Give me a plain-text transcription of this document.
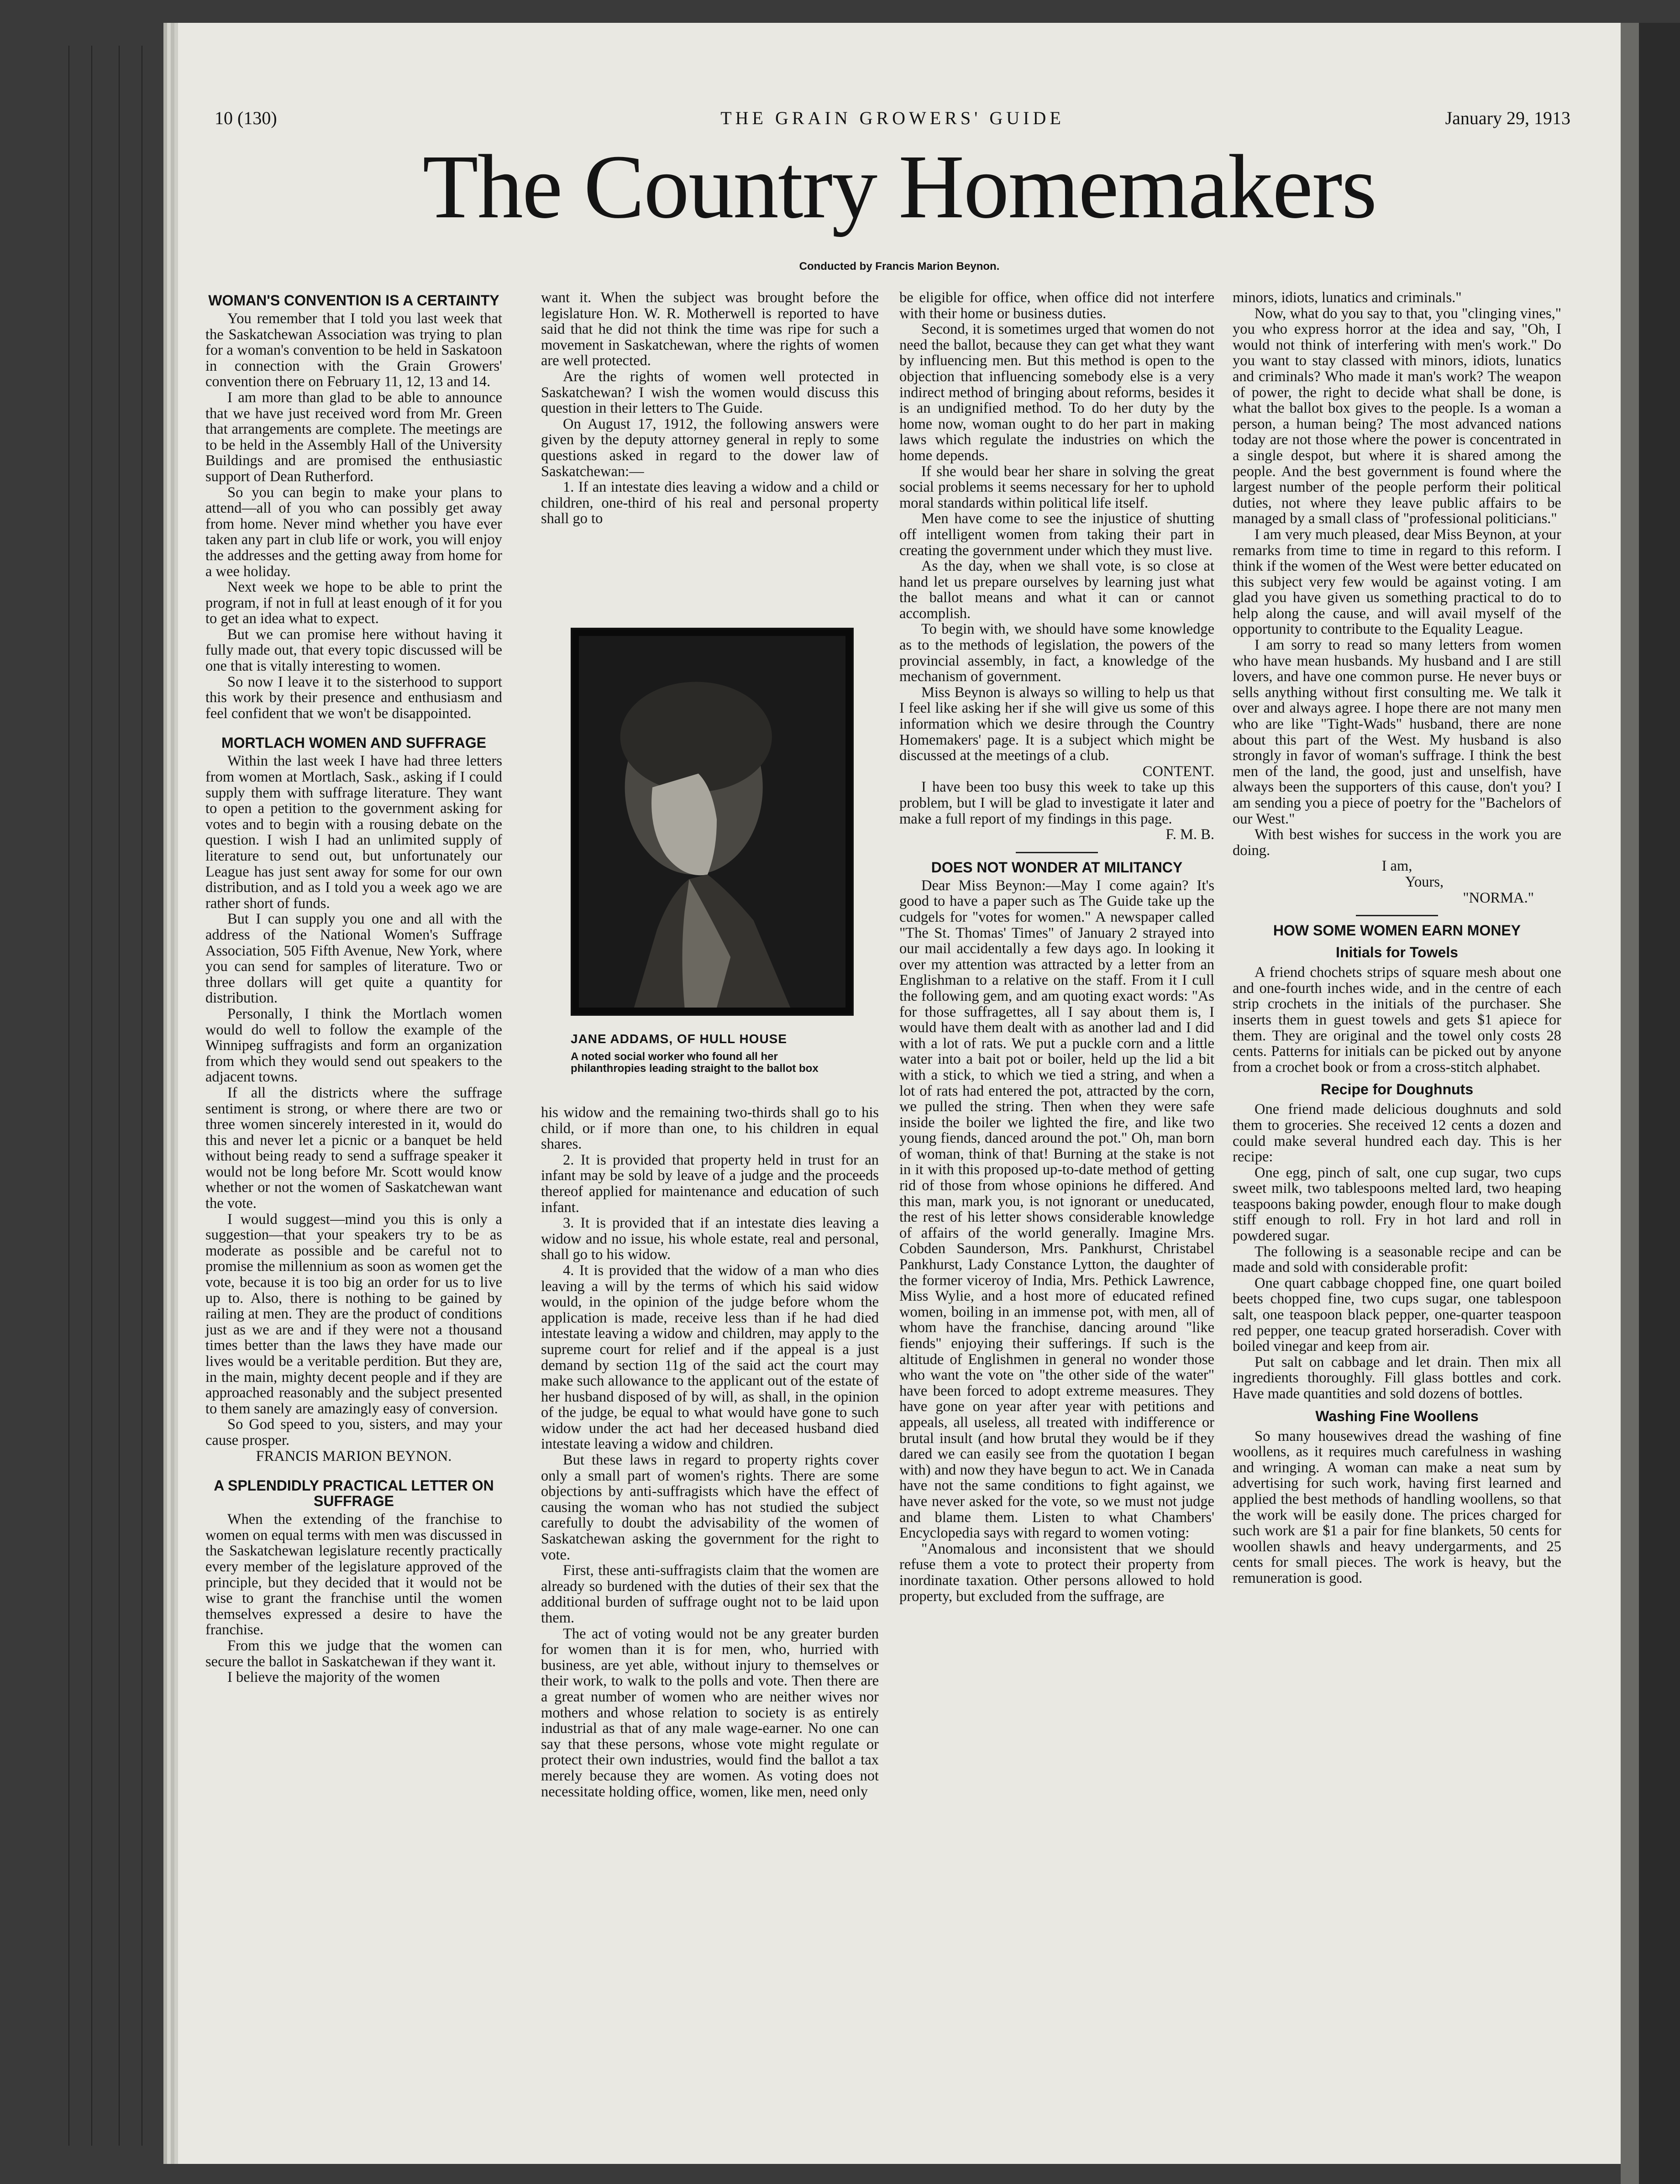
10 (130)	THE GRAIN GROWERS' GUIDE	January 29, 1913
The Country Homemakers
Conducted by Francis Marion Beynon.
WOMAN'S CONVENTION IS A CERTAINTY

You remember that I told you last week that the Saskatchewan Association was trying to plan for a woman's convention to be held in Saskatoon in connection with the Grain Growers' convention there on February 11, 12, 13 and 14.

I am more than glad to be able to announce that we have just received word from Mr. Green that arrangements are complete. The meetings are to be held in the Assembly Hall of the University Buildings and are promised the enthusiastic support of Dean Rutherford.

So you can begin to make your plans to attend—all of you who can possibly get away from home. Never mind whether you have ever taken any part in club life or work, you will enjoy the addresses and the getting away from home for a wee holiday.

Next week we hope to be able to print the program, if not in full at least enough of it for you to get an idea what to expect.

But we can promise here without having it fully made out, that every topic discussed will be one that is vitally interesting to women.

So now I leave it to the sisterhood to support this work by their presence and enthusiasm and feel confident that we won't be disappointed.

MORTLACH WOMEN AND SUFFRAGE

Within the last week I have had three letters from women at Mortlach, Sask., asking if I could supply them with suffrage literature. They want to open a petition to the government asking for votes and to begin with a rousing debate on the question. I wish I had an unlimited supply of literature to send out, but unfortunately our League has just sent away for some for our own distribution, and as I told you a week ago we are rather short of funds.

But I can supply you one and all with the address of the National Women's Suffrage Association, 505 Fifth Avenue, New York, where you can send for samples of literature. Two or three dollars will get quite a quantity for distribution.

Personally, I think the Mortlach women would do well to follow the example of the Winnipeg suffragists and form an organization from which they would send out speakers to the adjacent towns.

If all the districts where the suffrage sentiment is strong, or where there are two or three women sincerely interested in it, would do this and never let a picnic or a banquet be held without being ready to send a suffrage speaker it would not be long before Mr. Scott would know whether or not the women of Saskatchewan want the vote.

I would suggest—mind you this is only a suggestion—that your speakers try to be as moderate as possible and be careful not to promise the millennium as soon as women get the vote, because it is too big an order for us to live up to. Also, there is nothing to be gained by railing at men. They are the product of conditions just as we are and if they were not a thousand times better than the laws they have made our lives would be a veritable perdition. But they are, in the main, mighty decent people and if they are approached reasonably and the subject presented to them sanely are amazingly easy of conversion.

So God speed to you, sisters, and may your cause prosper.

FRANCIS MARION BEYNON.

A SPLENDIDLY PRACTICAL LETTER ON SUFFRAGE

When the extending of the franchise to women on equal terms with men was discussed in the Saskatchewan legislature recently practically every member of the legislature approved of the principle, but they decided that it would not be wise to grant the franchise until the women themselves expressed a desire to have the franchise.

From this we judge that the women can secure the ballot in Saskatchewan if they want it.

I believe the majority of the women

want it. When the subject was brought before the legislature Hon. W. R. Motherwell is reported to have said that he did not think the time was ripe for such a movement in Saskatchewan, where the rights of women are well protected.

Are the rights of women well protected in Saskatchewan? I wish the women would discuss this question in their letters to The Guide.

On August 17, 1912, the following answers were given by the deputy attorney general in reply to some questions asked in regard to the dower law of Saskatchewan:—

1. If an intestate dies leaving a widow and a child or children, one-third of his real and personal property shall go to

JANE ADDAMS, OF HULL HOUSE
A noted social worker who found all her philanthropies leading straight to the ballot box

his widow and the remaining two-thirds shall go to his child, or if more than one, to his children in equal shares.

2. It is provided that property held in trust for an infant may be sold by leave of a judge and the proceeds thereof applied for maintenance and education of such infant.

3. It is provided that if an intestate dies leaving a widow and no issue, his whole estate, real and personal, shall go to his widow.

4. It is provided that the widow of a man who dies leaving a will by the terms of which his said widow would, in the opinion of the judge before whom the application is made, receive less than if he had died intestate leaving a widow and children, may apply to the supreme court for relief and if the appeal is a just demand by section 11g of the said act the court may make such allowance to the applicant out of the estate of her husband disposed of by will, as shall, in the opinion of the judge, be equal to what would have gone to such widow under the act had her deceased husband died intestate leaving a widow and children.

But these laws in regard to property rights cover only a small part of women's rights. There are some objections by anti-suffragists which have the effect of causing the woman who has not studied the subject carefully to doubt the advisability of the women of Saskatchewan asking the government for the right to vote.

First, these anti-suffragists claim that the women are already so burdened with the duties of their sex that the additional burden of suffrage ought not to be laid upon them.

The act of voting would not be any greater burden for women than it is for men, who, hurried with business, are yet able, without injury to themselves or their work, to walk to the polls and vote. Then there are a great number of women who are neither wives nor mothers and whose relation to society is as entirely industrial as that of any male wage-earner. No one can say that these persons, whose vote might regulate or protect their own industries, would find the ballot a tax merely because they are women. As voting does not necessitate holding office, women, like men, need only

be eligible for office, when office did not interfere with their home or business duties.

Second, it is sometimes urged that women do not need the ballot, because they can get what they want by influencing men. But this method is open to the objection that influencing somebody else is a very indirect method of bringing about reforms, besides it is an undignified method. To do her duty by the home now, woman ought to do her part in making laws which regulate the industries on which the home depends.

If she would bear her share in solving the great social problems it seems necessary for her to uphold moral standards within political life itself.

Men have come to see the injustice of shutting off intelligent women from taking their part in creating the government under which they must live.

As the day, when we shall vote, is so close at hand let us prepare ourselves by learning just what the ballot means and what it can or cannot accomplish.

To begin with, we should have some knowledge as to the methods of legislation, the powers of the provincial assembly, in fact, a knowledge of the mechanism of government.

Miss Beynon is always so willing to help us that I feel like asking her if she will give us some of this information which we desire through the Country Homemakers' page. It is a subject which might be discussed at the meetings of a club.

CONTENT.

I have been too busy this week to take up this problem, but I will be glad to investigate it later and make a full report of my findings in this page.

F. M. B.

DOES NOT WONDER AT MILITANCY

Dear Miss Beynon:—May I come again? It's good to have a paper such as The Guide take up the cudgels for "votes for women." A newspaper called "The St. Thomas' Times" of January 2 strayed into our mail accidentally a few days ago. In looking it over my attention was attracted by a letter from an Englishman to a relative on the staff. From it I cull the following gem, and am quoting exact words: "As for those suffragettes, all I say about them is, I would have them dealt with as another lad and I did with a lot of rats. We put a puckle corn and a little water into a bait pot or boiler, held up the lid a bit with a stick, to which we tied a string, and when a lot of rats had entered the pot, attracted by the corn, we pulled the string. Then when they were safe inside the boiler we lighted the fire, and like two young fiends, danced around the pot." Oh, man born of woman, think of that! Burning at the stake is not in it with this proposed up-to-date method of getting rid of those from whose opinions he differed. And this man, mark you, is not ignorant or uneducated, the rest of his letter shows considerable knowledge of affairs of the world generally. Imagine Mrs. Cobden Saunderson, Mrs. Pankhurst, Christabel Pankhurst, Lady Constance Lytton, the daughter of the former viceroy of India, Mrs. Pethick Lawrence, Miss Wylie, and a host more of educated refined women, boiling in an immense pot, with men, all of whom have the franchise, dancing around "like fiends" enjoying their sufferings. If such is the altitude of Englishmen in general no wonder those who want the vote on "the other side of the water" have been forced to adopt extreme measures. They have gone on year after year with petitions and appeals, all useless, all treated with indifference or brutal insult (and how brutal they would be if they dared we can easily see from the quotation I began with) and now they have begun to act. We in Canada have not the same conditions to fight against, we have never asked for the vote, so we must not judge and blame them. Listen to what Chambers' Encyclopedia says with regard to women voting:

"Anomalous and inconsistent that we should refuse them a vote to protect their property from inordinate taxation. Other persons allowed to hold property, but excluded from the suffrage, are

minors, idiots, lunatics and criminals."

Now, what do you say to that, you "clinging vines," you who express horror at the idea and say, "Oh, I would not think of interfering with men's work." Do you want to stay classed with minors, idiots, lunatics and criminals? Who made it man's work? The weapon of power, the right to decide what shall be done, is what the ballot box gives to the people. Is a woman a person, a human being? The most advanced nations today are not those where the power is concentrated in a single despot, but where it is shared among the people. And the best government is found where the largest number of the people perform their political duties, not where they leave public affairs to be managed by a small class of "professional politicians."

I am very much pleased, dear Miss Beynon, at your remarks from time to time in regard to this reform. I think if the women of the West were better educated on this subject very few would be against voting. I am glad you have given us something practical to do to help along the cause, and will avail myself of the opportunity to contribute to the Equality League.

I am sorry to read so many letters from women who have mean husbands. My husband and I are still lovers, and have one common purse. He never buys or sells anything without first consulting me. We talk it over and always agree. I hope there are not many men who are like "Tight-Wads" husband, there are none about this part of the West. My husband is also strongly in favor of woman's suffrage. I think the best men of the land, the good, just and unselfish, have always been the supporters of this cause, don't you? I am sending you a piece of poetry for the "Bachelors of our West."

With best wishes for success in the work you are doing.

I am,

Yours,

"NORMA."

HOW SOME WOMEN EARN MONEY
Initials for Towels

A friend chochets strips of square mesh about one and one-fourth inches wide, and in the centre of each strip crochets in the initials of the purchaser. She inserts them in guest towels and gets $1 apiece for them. They are original and the towel only costs 28 cents. Patterns for initials can be picked out by anyone from a crochet book or from a cross-stitch alphabet.

Recipe for Doughnuts

One friend made delicious doughnuts and sold them to groceries. She received 12 cents a dozen and could make several hundred each day. This is her recipe:

One egg, pinch of salt, one cup sugar, two cups sweet milk, two tablespoons melted lard, two heaping teaspoons baking powder, enough flour to make dough stiff enough to roll. Fry in hot lard and roll in powdered sugar.

The following is a seasonable recipe and can be made and sold with considerable profit:

One quart cabbage chopped fine, one quart boiled beets chopped fine, two cups sugar, one tablespoon salt, one teaspoon black pepper, one-quarter teaspoon red pepper, one teacup grated horseradish. Cover with boiled vinegar and keep from air.

Put salt on cabbage and let drain. Then mix all ingredients thoroughly. Fill glass bottles and cork. Have made quantities and sold dozens of bottles.

Washing Fine Woollens

So many housewives dread the washing of fine woollens, as it requires much carefulness in washing and wringing. A woman can make a neat sum by advertising for such work, having first learned and applied the best methods of handling woollens, so that the work will be easily done. The prices charged for such work are $1 a pair for fine blankets, 50 cents for woollen shawls and heavy undergarments, and 25 cents for small pieces. The work is heavy, but the remuneration is good.
